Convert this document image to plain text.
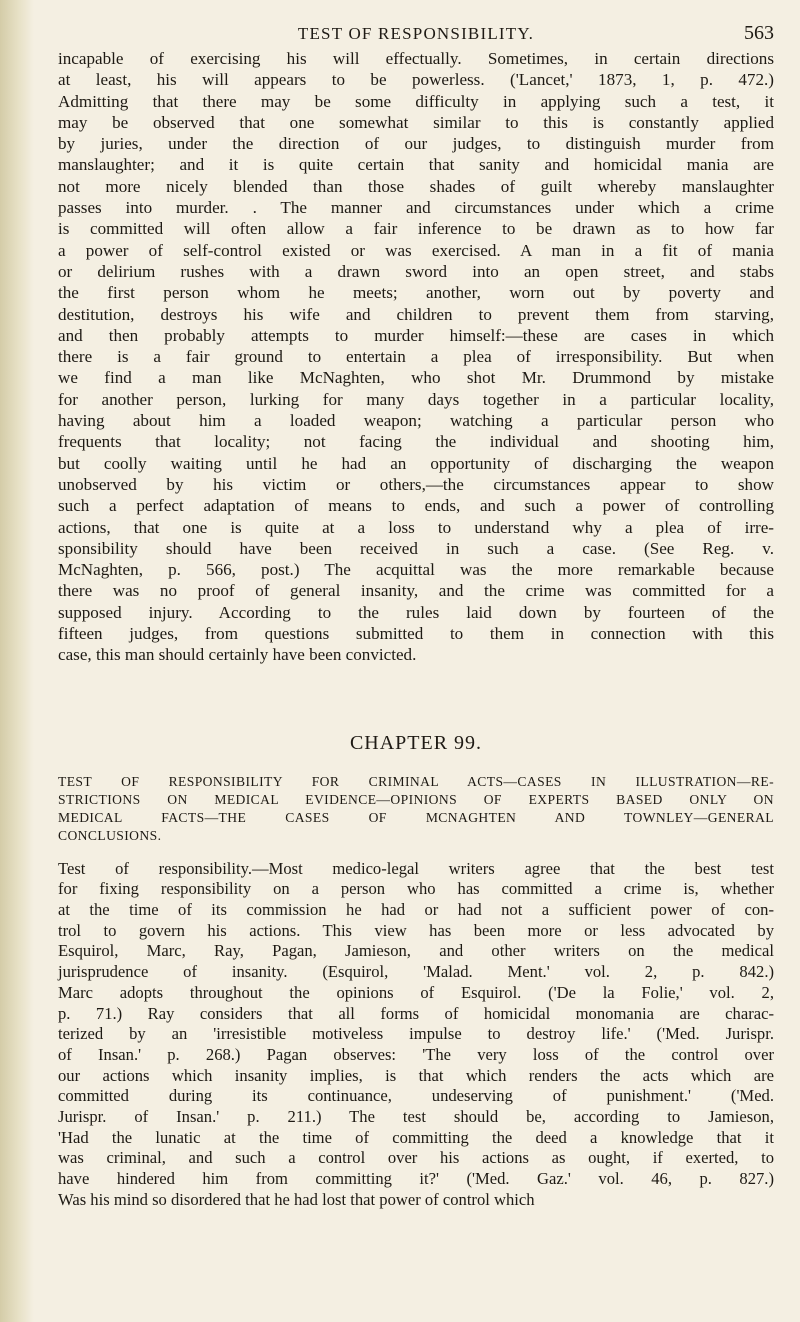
TEST OF RESPONSIBILITY.	563

incapable of exercising his will effectually. Sometimes, in certain directions
at least, his will appears to be powerless. ('Lancet,' 1873, 1, p. 472.)
Admitting that there may be some difficulty in applying such a test, it
may be observed that one somewhat similar to this is constantly applied
by juries, under the direction of our judges, to distinguish murder from
manslaughter; and it is quite certain that sanity and homicidal mania are
not more nicely blended than those shades of guilt whereby manslaughter
passes into murder. . The manner and circumstances under which a crime
is committed will often allow a fair inference to be drawn as to how far
a power of self-control existed or was exercised. A man in a fit of mania
or delirium rushes with a drawn sword into an open street, and stabs
the first person whom he meets; another, worn out by poverty and
destitution, destroys his wife and children to prevent them from starving,
and then probably attempts to murder himself:—these are cases in which
there is a fair ground to entertain a plea of irresponsibility. But when
we find a man like McNaghten, who shot Mr. Drummond by mistake
for another person, lurking for many days together in a particular locality,
having about him a loaded weapon; watching a particular person who
frequents that locality; not facing the individual and shooting him,
but coolly waiting until he had an opportunity of discharging the weapon
unobserved by his victim or others,—the circumstances appear to show
such a perfect adaptation of means to ends, and such a power of controlling
actions, that one is quite at a loss to understand why a plea of irre-
sponsibility should have been received in such a case. (See Reg. v.
McNaghten, p. 566, post.) The acquittal was the more remarkable because
there was no proof of general insanity, and the crime was committed for a
supposed injury. According to the rules laid down by fourteen of the
fifteen judges, from questions submitted to them in connection with this
case, this man should certainly have been convicted.

CHAPTER 99.
TEST OF RESPONSIBILITY FOR CRIMINAL ACTS—CASES IN ILLUSTRATION—RE-
STRICTIONS ON MEDICAL EVIDENCE—OPINIONS OF EXPERTS BASED ONLY ON
MEDICAL FACTS—THE CASES OF MCNAGHTEN AND TOWNLEY—GENERAL
CONCLUSIONS.

Test of responsibility.—Most medico-legal writers agree that the best test
for fixing responsibility on a person who has committed a crime is, whether
at the time of its commission he had or had not a sufficient power of con-
trol to govern his actions. This view has been more or less advocated by
Esquirol, Marc, Ray, Pagan, Jamieson, and other writers on the medical
jurisprudence of insanity. (Esquirol, 'Malad. Ment.' vol. 2, p. 842.)
Marc adopts throughout the opinions of Esquirol. ('De la Folie,' vol. 2,
p. 71.) Ray considers that all forms of homicidal monomania are charac-
terized by an 'irresistible motiveless impulse to destroy life.' ('Med. Jurispr.
of Insan.' p. 268.) Pagan observes: 'The very loss of the control over
our actions which insanity implies, is that which renders the acts which are
committed during its continuance, undeserving of punishment.' ('Med.
Jurispr. of Insan.' p. 211.) The test should be, according to Jamieson,
'Had the lunatic at the time of committing the deed a knowledge that it
was criminal, and such a control over his actions as ought, if exerted, to
have hindered him from committing it?' ('Med. Gaz.' vol. 46, p. 827.)
Was his mind so disordered that he had lost that power of control which
